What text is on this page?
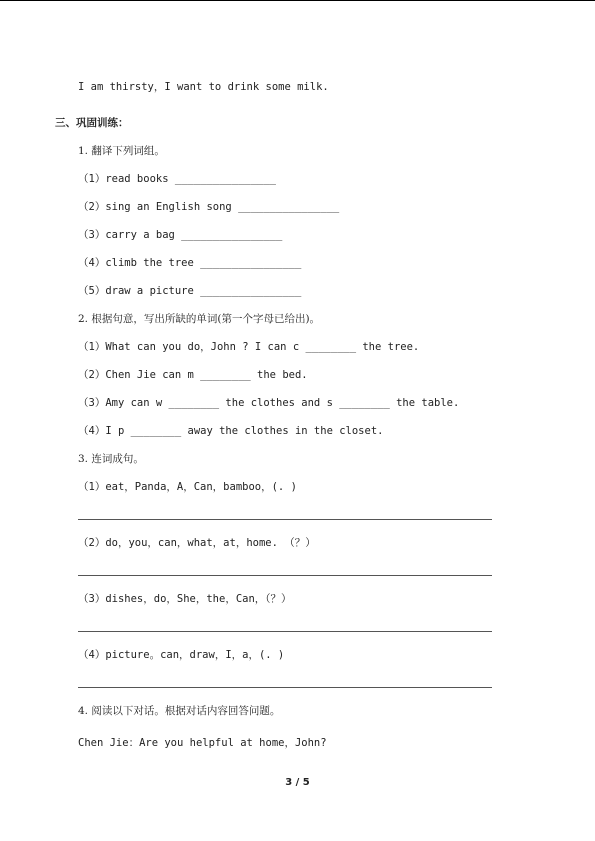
I am thirsty，I want to drink some milk.
三、巩固训练：
1. 翻译下列词组。
（1）read books ________________
（2）sing an English song ________________
（3）carry a bag ________________
（4）climb the tree ________________
（5）draw a picture ________________
2. 根据句意，写出所缺的单词(第一个字母已给出)。
（1）What can you do，John ? I can c ________ the tree.
（2）Chen Jie can m ________ the bed.
（3）Amy can w ________ the clothes and s ________ the table.
（4）I p ________ away the clothes in the closet.
3. 连词成句。
（1）eat，Panda，A，Can，bamboo，(. )
（2）do，you，can，what，at，home. （？）
（3）dishes，do，She，the，Can，（？）
（4）picture。can，draw，I，a，(. )
4. 阅读以下对话。根据对话内容回答问题。
Chen Jie：Are you helpful at home，John?
3 / 5
